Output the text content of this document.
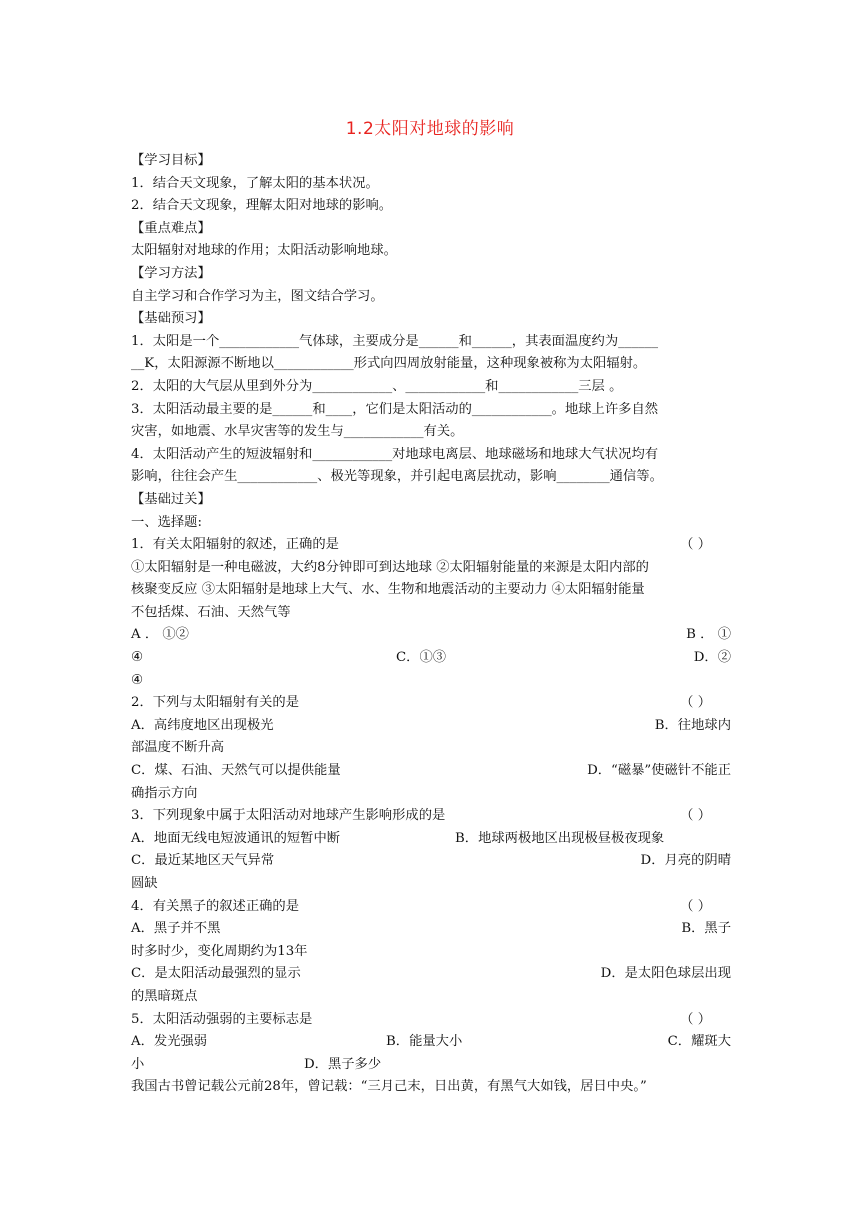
1.2太阳对地球的影响
【学习目标】
1．结合天文现象，了解太阳的基本状况。
2．结合天文现象，理解太阳对地球的影响。
【重点难点】
太阳辐射对地球的作用；太阳活动影响地球。
【学习方法】
自主学习和合作学习为主，图文结合学习。
【基础预习】
1．太阳是一个____________气体球，主要成分是______和______，其表面温度约为______
__K，太阳源源不断地以____________形式向四周放射能量，这种现象被称为太阳辐射。
2．太阳的大气层从里到外分为____________、____________和____________三层 。
3．太阳活动最主要的是______和____，它们是太阳活动的____________。地球上许多自然
灾害，如地震、水旱灾害等的发生与____________有关。
4．太阳活动产生的短波辐射和____________对地球电离层、地球磁场和地球大气状况均有
影响，往往会产生____________、极光等现象，并引起电离层扰动，影响________通信等。
【基础过关】
一、选择题:
1．有关太阳辐射的叙述，正确的是	（ ）
①太阳辐射是一种电磁波，大约8分钟即可到达地球 ②太阳辐射能量的来源是太阳内部的
核聚变反应 ③太阳辐射是地球上大气、水、生物和地震活动的主要动力 ④太阳辐射能量
不包括煤、石油、天然气等
A ． ①②	B ． ①
④	C．①③	D．②
④
2．下列与太阳辐射有关的是	（ ）
A．高纬度地区出现极光	B．往地球内
部温度不断升高
C．煤、石油、天然气可以提供能量	D．“磁暴”使磁针不能正
确指示方向
3．下列现象中属于太阳活动对地球产生影响形成的是	（ ）
A．地面无线电短波通讯的短暂中断	B．地球两极地区出现极昼极夜现象
C．最近某地区天气异常	D．月亮的阴晴
圆缺
4．有关黑子的叙述正确的是	（ ）
A．黑子并不黑	B．黑子
时多时少，变化周期约为13年
C．是太阳活动最强烈的显示	D．是太阳色球层出现
的黑暗斑点
5．太阳活动强弱的主要标志是	（ ）
A．发光强弱	B．能量大小	C．耀斑大
小	D．黑子多少
我国古书曾记载公元前28年，曾记载：“三月己末，日出黄，有黑气大如钱，居日中央。”
